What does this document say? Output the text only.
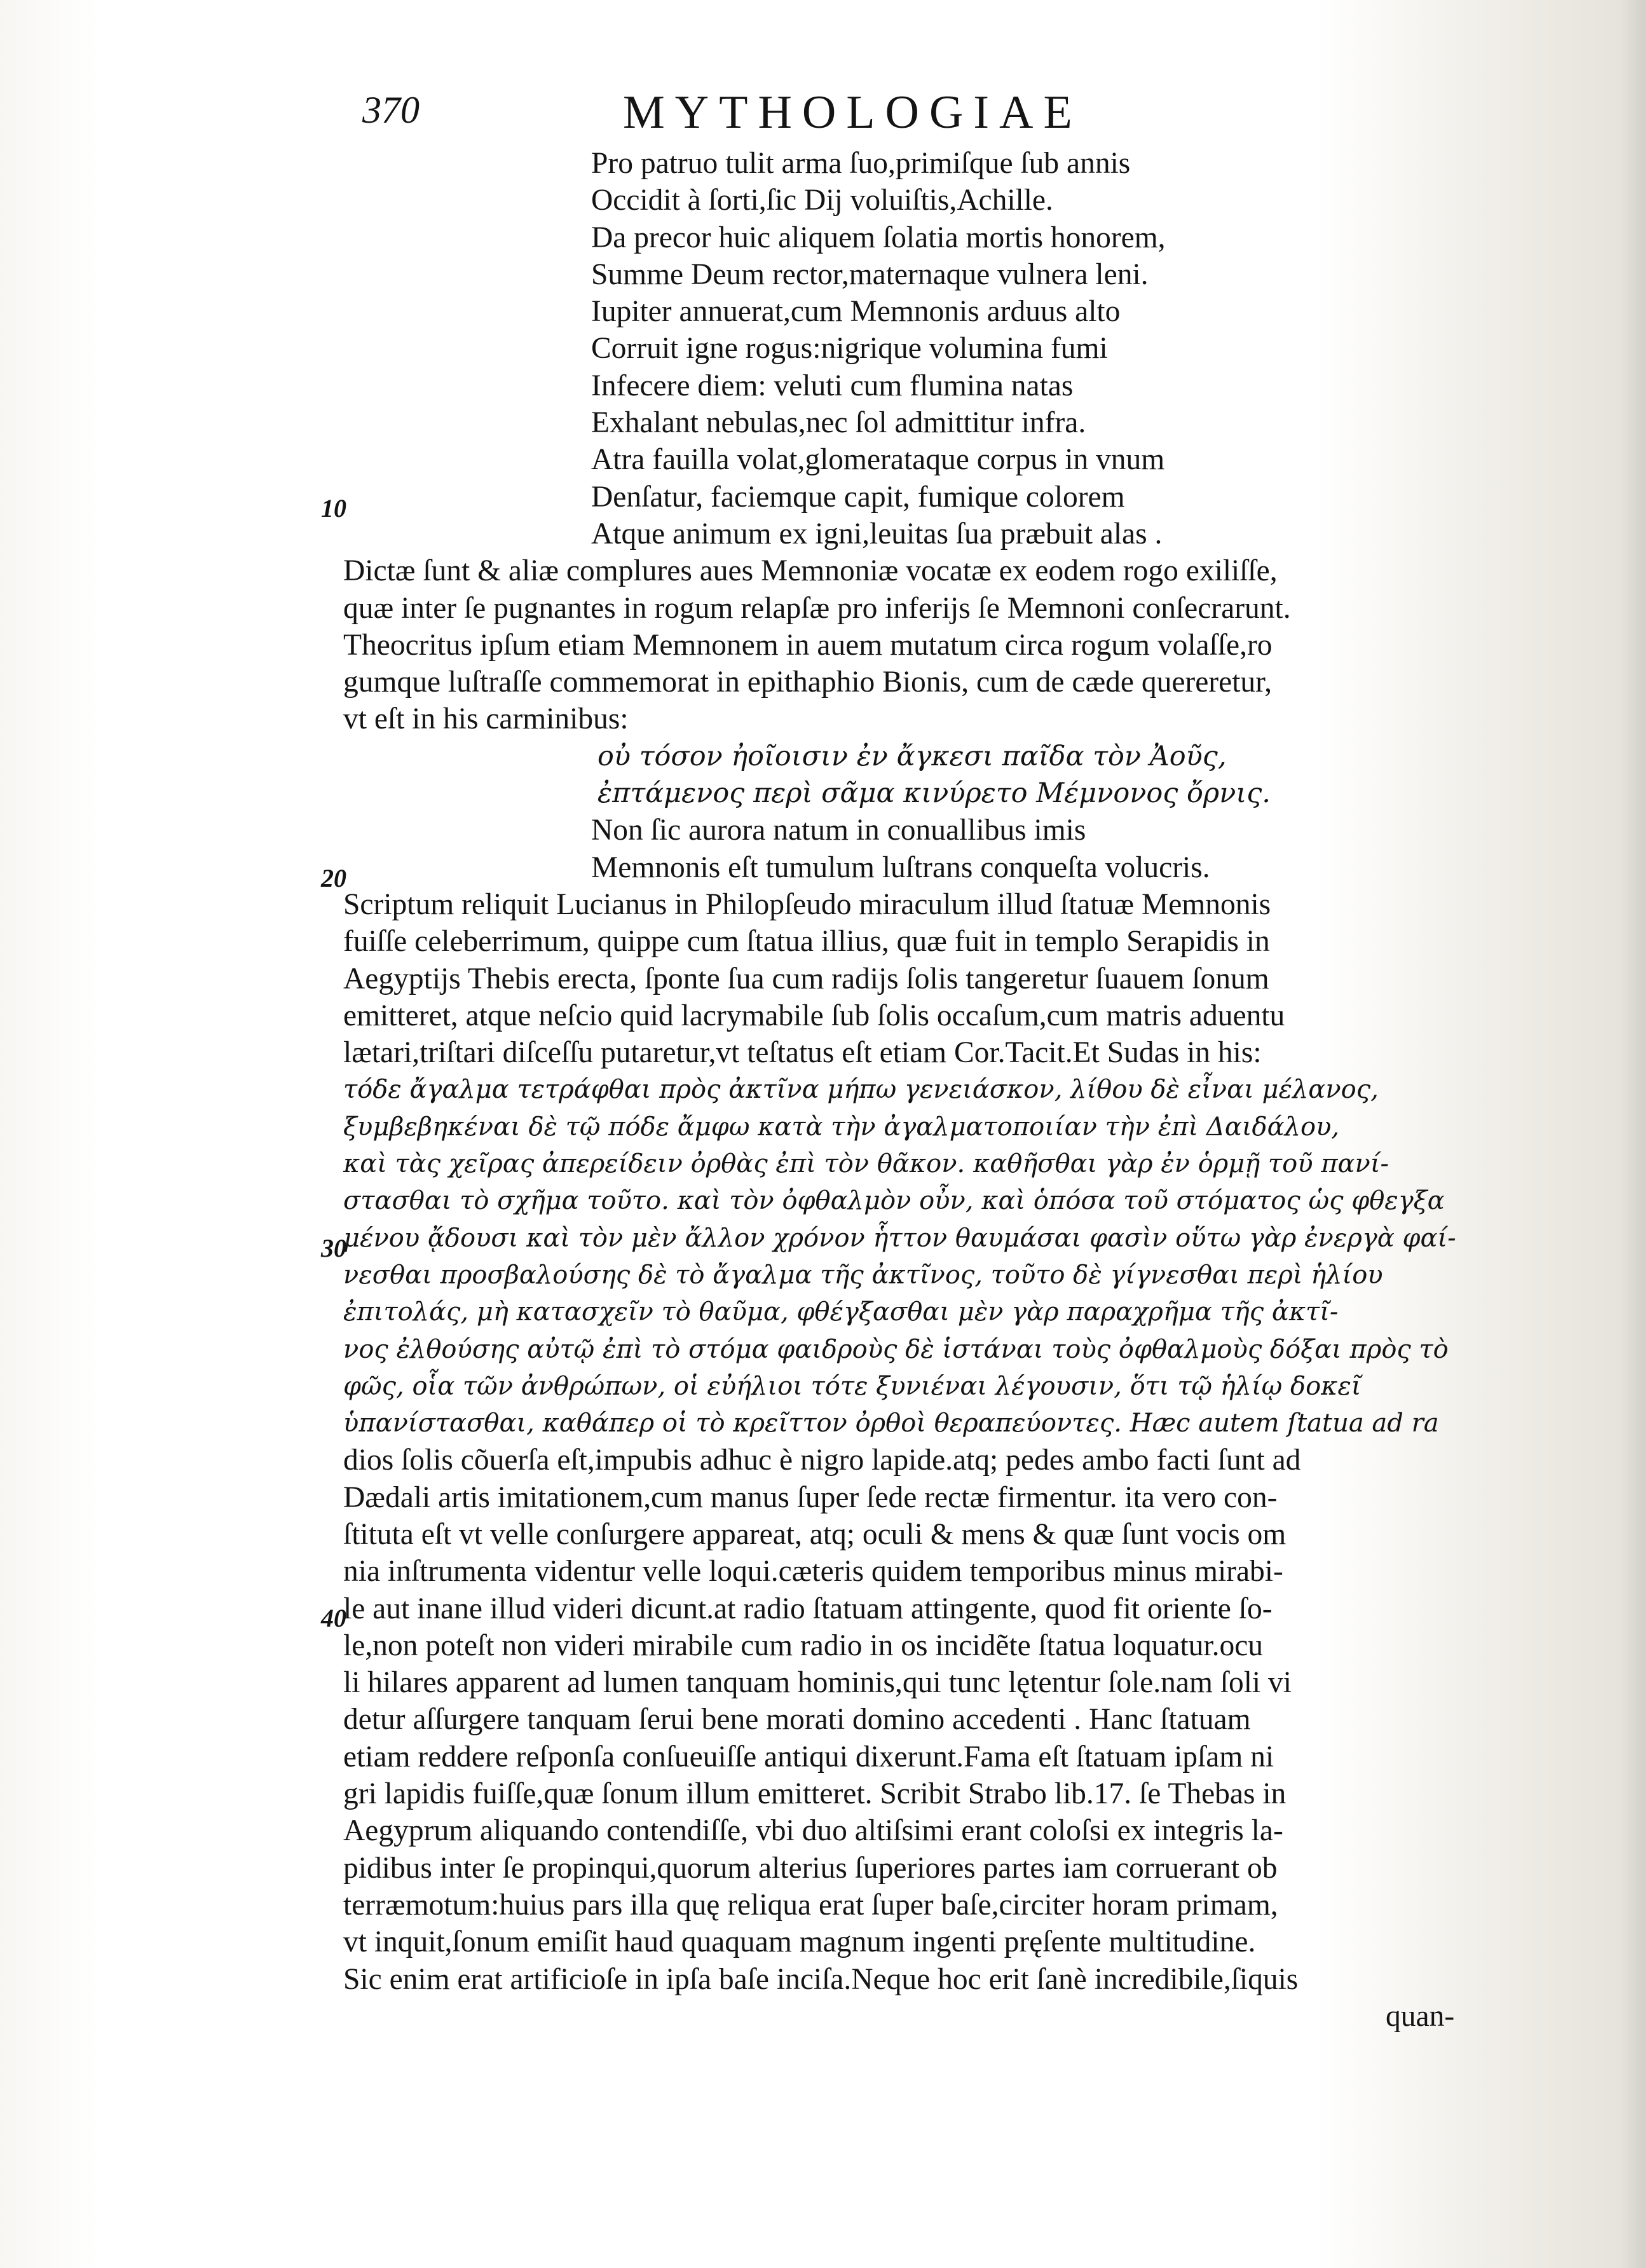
370	MYTHOLOGIAE
10
20
30
40
Pro patruo tulit arma ſuo,primiſque ſub annis
Occidit à ſorti,ſic Dij voluiſtis,Achille.
Da precor huic aliquem ſolatia mortis honorem,
Summe Deum rector,maternaque vulnera leni.
Iupiter annuerat,cum Memnonis arduus alto
Corruit igne rogus:nigrique volumina fumi
Infecere diem: veluti cum flumina natas
Exhalant nebulas,nec ſol admittitur infra.
Atra fauilla volat,glomerataque corpus in vnum
Denſatur, faciemque capit, fumique colorem
Atque animum ex igni,leuitas ſua præbuit alas .
Dictæ ſunt & aliæ complures aues Memnoniæ vocatæ ex eodem rogo exiliſſe,
quæ inter ſe pugnantes in rogum relapſæ pro inferijs ſe Memnoni conſecrarunt.
Theocritus ipſum etiam Memnonem in auem mutatum circa rogum volaſſe,ro
gumque luſtraſſe commemorat in epithaphio Bionis, cum de cæde quereretur,
vt eſt in his carminibus:
οὐ τόσον ἠοῖοισιν ἐν ἄγκεσι παῖδα τὸν Ἀοῦς,
ἐπτάμενος περὶ σᾶμα κινύρετο Μέμνονος ὄρνις.
Non ſic aurora natum in conuallibus imis
Memnonis eſt tumulum luſtrans conqueſta volucris.
Scriptum reliquit Lucianus in Philopſeudo miraculum illud ſtatuæ Memnonis
fuiſſe celeberrimum, quippe cum ſtatua illius, quæ fuit in templo Serapidis in
Aegyptijs Thebis erecta, ſponte ſua cum radijs ſolis tangeretur ſuauem ſonum
emitteret, atque neſcio quid lacrymabile ſub ſolis occaſum,cum matris aduentu
lætari,triſtari diſceſſu putaretur,vt teſtatus eſt etiam Cor.Tacit.Et Sudas in his:
τόδε ἄγαλμα τετράφθαι πρὸς ἀκτῖνα μήπω γενειάσκον, λίθου δὲ εἶναι μέλανος,
ξυμβεβηκέναι δὲ τῷ πόδε ἄμφω κατὰ τὴν ἀγαλματοποιίαν τὴν ἐπὶ Δαιδάλου,
καὶ τὰς χεῖρας ἀπερείδειν ὀρθὰς ἐπὶ τὸν θᾶκον. καθῆσθαι γὰρ ἐν ὁρμῇ τοῦ πανί-
στασθαι τὸ σχῆμα τοῦτο. καὶ τὸν ὀφθαλμὸν οὖν, καὶ ὁπόσα τοῦ στόματος ὡς φθεγξα
μένου ᾄδουσι καὶ τὸν μὲν ἄλλον χρόνον ἧττον θαυμάσαι φασὶν οὕτω γὰρ ἐνεργὰ φαί-
νεσθαι προσβαλούσης δὲ τὸ ἄγαλμα τῆς ἀκτῖνος, τοῦτο δὲ γίγνεσθαι περὶ ἡλίου
ἐπιτολάς, μὴ κατασχεῖν τὸ θαῦμα, φθέγξασθαι μὲν γὰρ παραχρῆμα τῆς ἀκτῖ-
νος ἐλθούσης αὐτῷ ἐπὶ τὸ στόμα φαιδροὺς δὲ ἱστάναι τοὺς ὀφθαλμοὺς δόξαι πρὸς τὸ
φῶς, οἷα τῶν ἀνθρώπων, οἱ εὐήλιοι τότε ξυνιέναι λέγουσιν, ὅτι τῷ ἡλίῳ δοκεῖ
ὑπανίστασθαι, καθάπερ οἱ τὸ κρεῖττον ὀρθοὶ θεραπεύοντες. Hæc autem ſtatua ad ra
dios ſolis cõuerſa eſt,impubis adhuc è nigro lapide.atq; pedes ambo facti ſunt ad
Dædali artis imitationem,cum manus ſuper ſede rectæ firmentur. ita vero con-
ſtituta eſt vt velle conſurgere appareat, atq; oculi & mens & quæ ſunt vocis om
nia inſtrumenta videntur velle loqui.cæteris quidem temporibus minus mirabi-
le aut inane illud videri dicunt.at radio ſtatuam attingente, quod fit oriente ſo-
le,non poteſt non videri mirabile cum radio in os incidẽte ſtatua loquatur.ocu
li hilares apparent ad lumen tanquam hominis,qui tunc lętentur ſole.nam ſoli vi
detur aſſurgere tanquam ſerui bene morati domino accedenti . Hanc ſtatuam
etiam reddere reſponſa conſueuiſſe antiqui dixerunt.Fama eſt ſtatuam ipſam ni
gri lapidis fuiſſe,quæ ſonum illum emitteret. Scribit Strabo lib.17. ſe Thebas in
Aegyprum aliquando contendiſſe, vbi duo altiſsimi erant coloſsi ex integris la-
pidibus inter ſe propinqui,quorum alterius ſuperiores partes iam corruerant ob
terræmotum:huius pars illa quę reliqua erat ſuper baſe,circiter horam primam,
vt inquit,ſonum emiſit haud quaquam magnum ingenti pręſente multitudine.
Sic enim erat artificioſe in ipſa baſe inciſa.Neque hoc erit ſanè incredibile,ſiquis
quan-
